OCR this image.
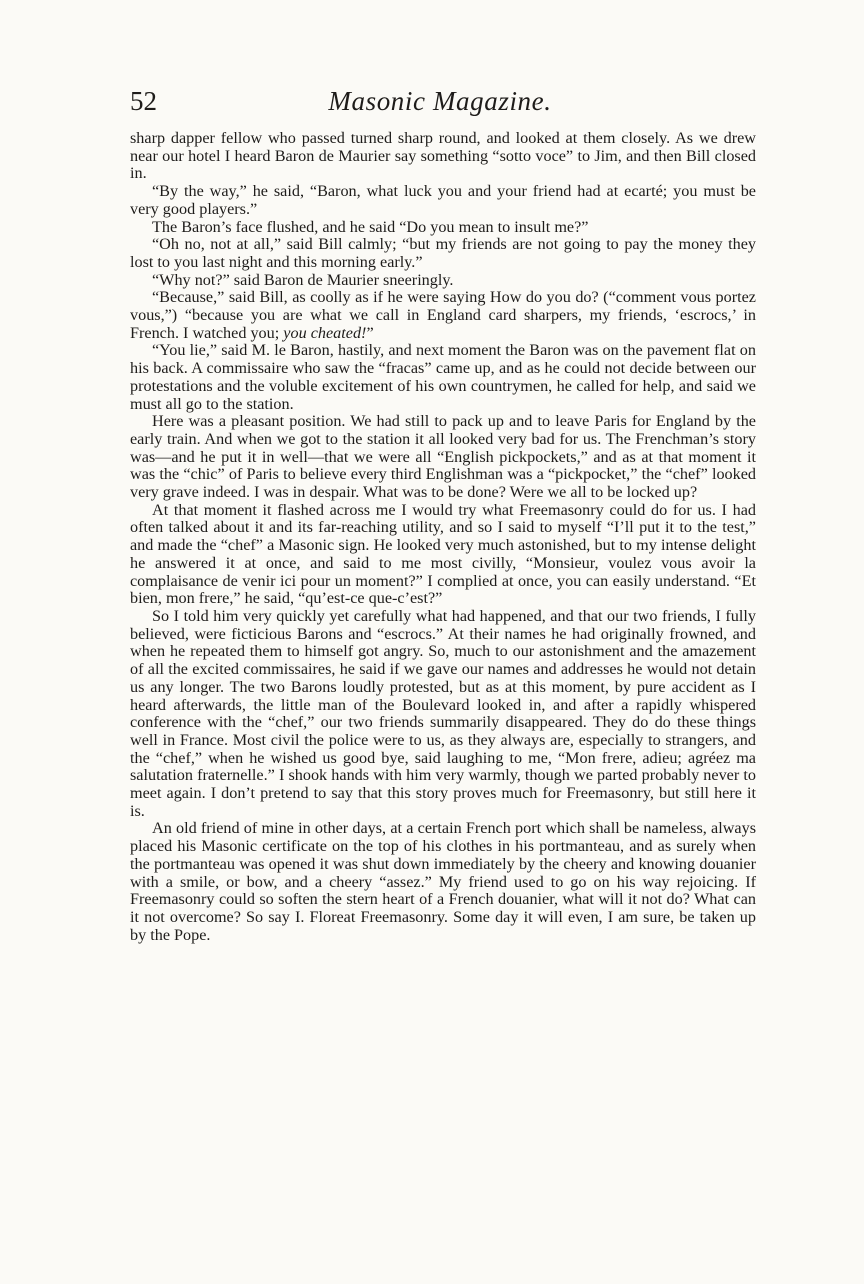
52	Masonic Magazine.

sharp dapper fellow who passed turned sharp round, and looked at them closely. As we drew near our hotel I heard Baron de Maurier say something “sotto voce” to Jim, and then Bill closed in.

“By the way,” he said, “Baron, what luck you and your friend had at ecarté; you must be very good players.”

The Baron’s face flushed, and he said “Do you mean to insult me?”

“Oh no, not at all,” said Bill calmly; “but my friends are not going to pay the money they lost to you last night and this morning early.”

“Why not?” said Baron de Maurier sneeringly.

“Because,” said Bill, as coolly as if he were saying How do you do? (“comment vous portez vous,”) “because you are what we call in England card sharpers, my friends, ‘escrocs,’ in French. I watched you; you cheated!”

“You lie,” said M. le Baron, hastily, and next moment the Baron was on the pavement flat on his back. A commissaire who saw the “fracas” came up, and as he could not decide between our protestations and the voluble excitement of his own countrymen, he called for help, and said we must all go to the station.

Here was a pleasant position. We had still to pack up and to leave Paris for England by the early train. And when we got to the station it all looked very bad for us. The Frenchman’s story was—and he put it in well—that we were all “English pickpockets,” and as at that moment it was the “chic” of Paris to believe every third Englishman was a “pickpocket,” the “chef” looked very grave indeed. I was in despair. What was to be done? Were we all to be locked up?

At that moment it flashed across me I would try what Freemasonry could do for us. I had often talked about it and its far-reaching utility, and so I said to myself “I’ll put it to the test,” and made the “chef” a Masonic sign. He looked very much astonished, but to my intense delight he answered it at once, and said to me most civilly, “Monsieur, voulez vous avoir la complaisance de venir ici pour un moment?” I complied at once, you can easily understand. “Et bien, mon frere,” he said, “qu’est-ce que-c’est?”

So I told him very quickly yet carefully what had happened, and that our two friends, I fully believed, were ficticious Barons and “escrocs.” At their names he had originally frowned, and when he repeated them to himself got angry. So, much to our astonishment and the amazement of all the excited commissaires, he said if we gave our names and addresses he would not detain us any longer. The two Barons loudly protested, but as at this moment, by pure accident as I heard afterwards, the little man of the Boulevard looked in, and after a rapidly whispered conference with the “chef,” our two friends summarily disappeared. They do do these things well in France. Most civil the police were to us, as they always are, especially to strangers, and the “chef,” when he wished us good bye, said laughing to me, “Mon frere, adieu; agréez ma salutation fraternelle.” I shook hands with him very warmly, though we parted probably never to meet again. I don’t pretend to say that this story proves much for Freemasonry, but still here it is.

An old friend of mine in other days, at a certain French port which shall be nameless, always placed his Masonic certificate on the top of his clothes in his portmanteau, and as surely when the portmanteau was opened it was shut down immediately by the cheery and knowing douanier with a smile, or bow, and a cheery “assez.” My friend used to go on his way rejoicing. If Freemasonry could so soften the stern heart of a French douanier, what will it not do? What can it not overcome? So say I. Floreat Freemasonry. Some day it will even, I am sure, be taken up by the Pope.
